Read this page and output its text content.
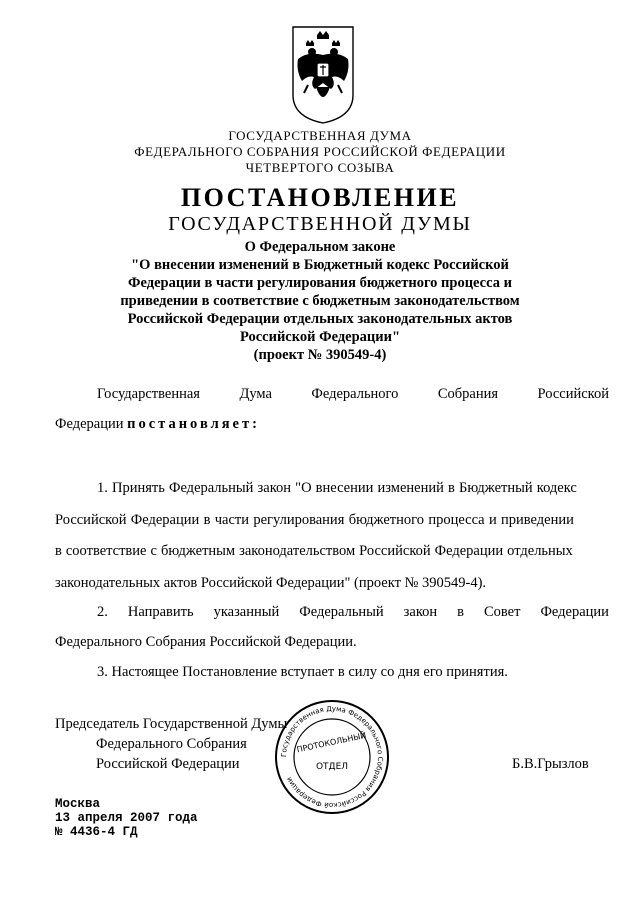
ГОСУДАРСТВЕННАЯ ДУМА
ФЕДЕРАЛЬНОГО СОБРАНИЯ РОССИЙСКОЙ ФЕДЕРАЦИИ
ЧЕТВЕРТОГО СОЗЫВА
ПОСТАНОВЛЕНИЕ
ГОСУДАРСТВЕННОЙ ДУМЫ
О Федеральном законе
"О внесении изменений в Бюджетный кодекс Российской
Федерации в части регулирования бюджетного процесса и
приведении в соответствие с бюджетным законодательством
Российской Федерации отдельных законодательных актов
Российской Федерации"
(проект № 390549-4)
Государственная	Дума	Федерального	Собрания	Российской
Федерации постановляет:
1. Принять Федеральный закон "О внесении изменений в Бюджетный кодекс
Российской Федерации в части регулирования бюджетного процесса и приведении
в соответствие с бюджетным законодательством Российской Федерации отдельных
законодательных актов Российской Федерации" (проект № 390549-4).
2. Направить указанный Федеральный закон в Совет Федерации
Федерального Собрания Российской Федерации.
3. Настоящее Постановление вступает в силу со дня его принятия.
Председатель Государственной Думы
Федерального Собрания
Российской Федерации	Б.В.Грызлов
Государственная Дума Федерального Собрания Российской Федерации
ПРОТОКОЛЬНЫЙ
ОТДЕЛ
Москва
13 апреля 2007 года
№ 4436-4 ГД
